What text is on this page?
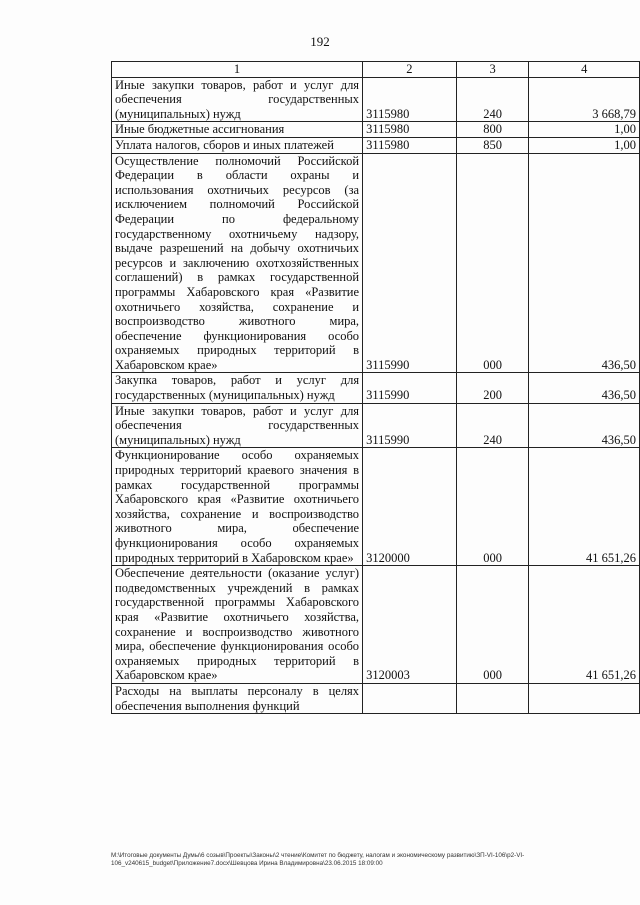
192
1	2	3	4
Иные закупки товаров, работ и услуг для обеспечения государственных (муниципальных) нужд	3115980	240	3 668,79
Иные бюджетные ассигнования	3115980	800	1,00
Уплата налогов, сборов и иных платежей	3115980	850	1,00
Осуществление полномочий Российской Федерации в области охраны и использования охотничьих ресурсов (за исключением полномочий Российской Федерации по федеральному государственному охотничьему надзору, выдаче разрешений на добычу охотничьих ресурсов и заключению охотхозяйственных соглашений) в рамках государственной программы Хабаровского края «Развитие охотничьего хозяйства, сохранение и воспроизводство животного мира, обеспечение функционирования особо охраняемых природных территорий в Хабаровском крае»	3115990	000	436,50
Закупка товаров, работ и услуг для государственных (муниципальных) нужд	3115990	200	436,50
Иные закупки товаров, работ и услуг для обеспечения государственных (муниципальных) нужд	3115990	240	436,50
Функционирование особо охраняемых природных территорий краевого значения в рамках государственной программы Хабаровского края «Развитие охотничьего хозяйства, сохранение и воспроизводство животного мира, обеспечение функционирования особо охраняемых природных территорий в Хабаровском крае»	3120000	000	41 651,26
Обеспечение деятельности (оказание услуг) подведомственных учреждений в рамках государственной программы Хабаровского края «Развитие охотничьего хозяйства, сохранение и воспроизводство животного мира, обеспечение функционирования особо охраняемых природных территорий в Хабаровском крае»	3120003	000	41 651,26
Расходы на выплаты персоналу в целях обеспечения выполнения функций			
М:\Итоговые документы Думы\6 созыв\Проекты\Законы\2 чтение\Комитет по бюджету, налогам и экономическому развитию\ЗП-VI-106\р2-VI-
106_v240615_budget\Приложение7.docx\Шевцова Ирина Владимировна\23.06.2015 18:09:00
